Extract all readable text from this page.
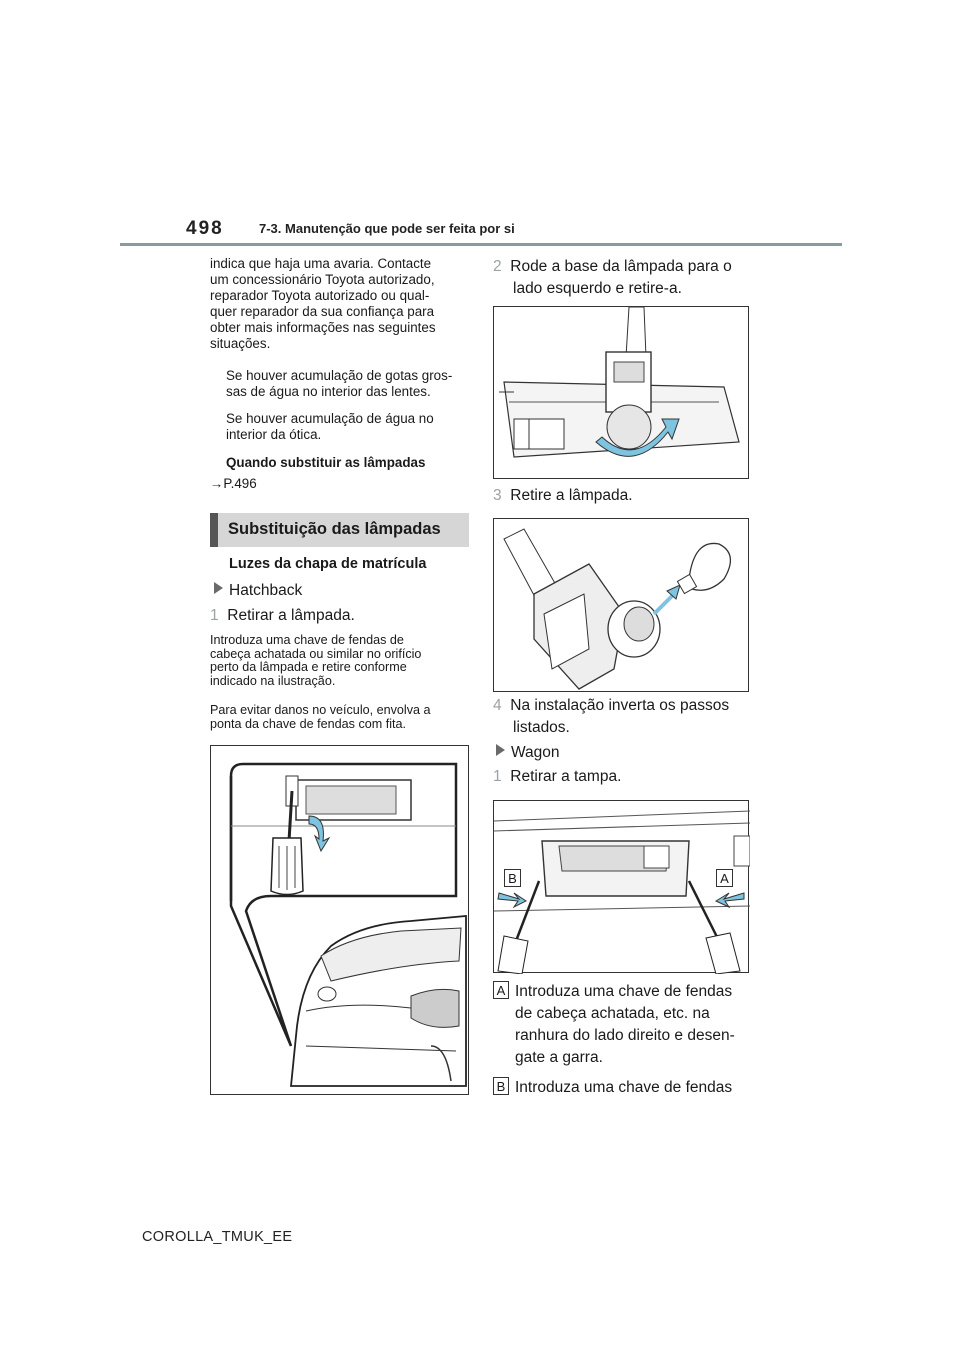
498	7-3. Manutenção que pode ser feita por si
indica que haja uma avaria. Contacte
um concessionário Toyota autorizado,
reparador Toyota autorizado ou qual-
quer reparador da sua confiança para
obter mais informações nas seguintes
situações.
Se houver acumulação de gotas gros-
sas de água no interior das lentes.
Se houver acumulação de água no
interior da ótica.
Quando substituir as lâmpadas
→P.496
Substituição das lâmpadas
Luzes da chapa de matrícula
Hatchback
1 Retirar a lâmpada.
Introduza uma chave de fendas de
cabeça achatada ou similar no orifício
perto da lâmpada e retire conforme
indicado na ilustração.
Para evitar danos no veículo, envolva a
ponta da chave de fendas com fita.
2 Rode a base da lâmpada para o
lado esquerdo e retire-a.
3 Retire a lâmpada.
4 Na instalação inverta os passos
listados.
Wagon
1 Retirar a tampa.
B	A
A Introduza uma chave de fendas
de cabeça achatada, etc. na
ranhura do lado direito e desen-
gate a garra.
B Introduza uma chave de fendas
COROLLA_TMUK_EE
